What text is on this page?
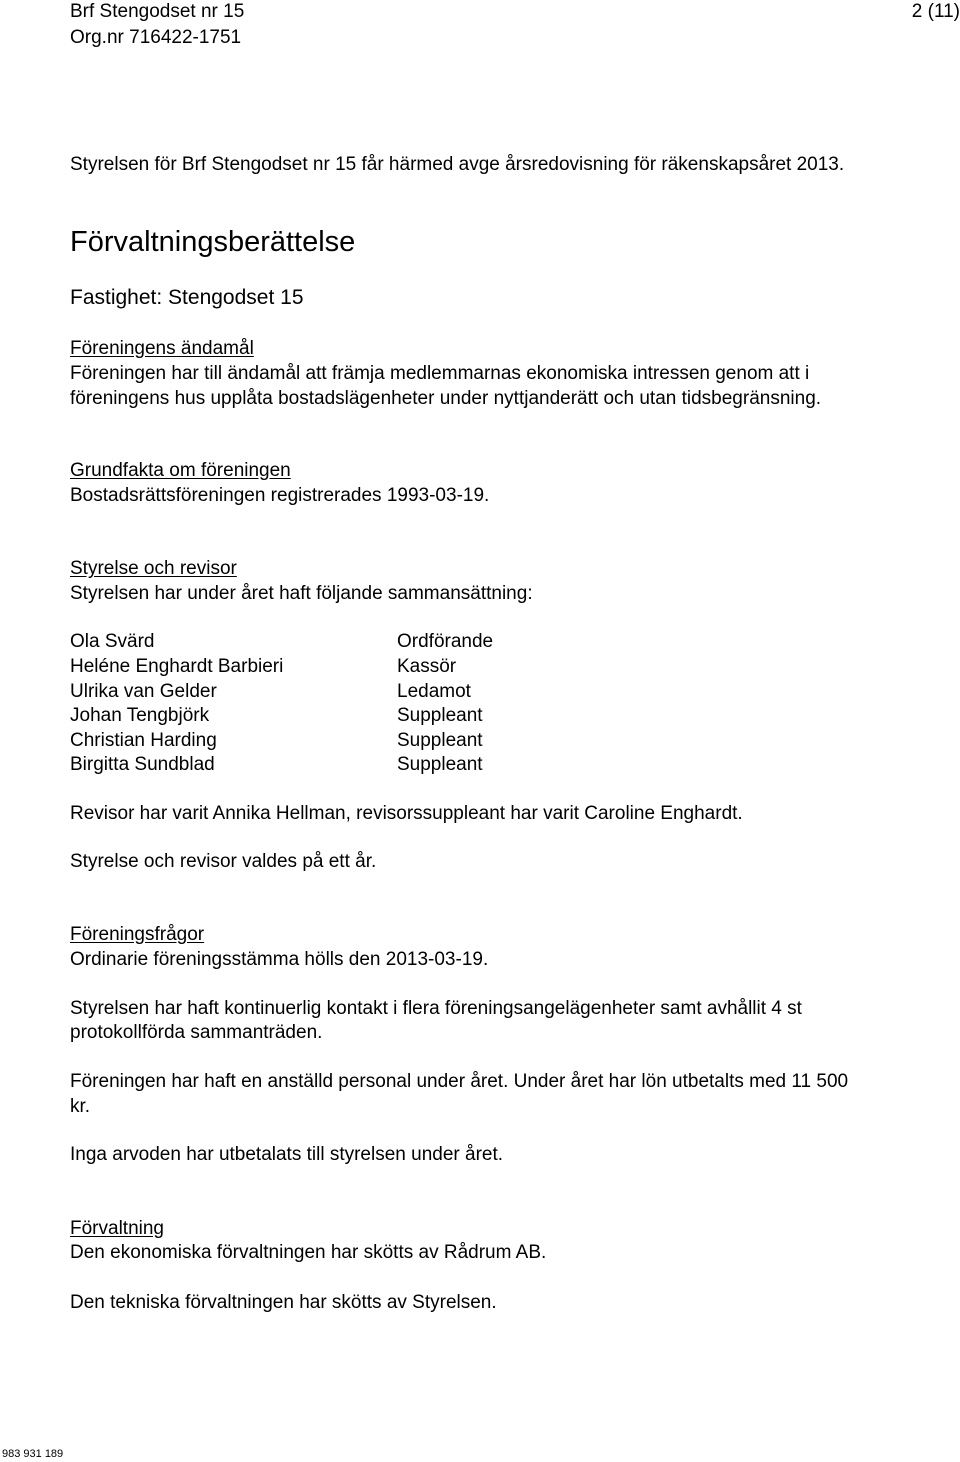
Brf Stengodset nr 15
Org.nr 716422-1751
2 (11)
Styrelsen för Brf Stengodset nr 15 får härmed avge årsredovisning för räkenskapsåret 2013.
Förvaltningsberättelse
Fastighet: Stengodset 15
Föreningens ändamål
Föreningen har till ändamål att främja medlemmarnas ekonomiska intressen genom att i
föreningens hus upplåta bostadslägenheter under nyttjanderätt och utan tidsbegränsning.
Grundfakta om föreningen
Bostadsrättsföreningen registrerades 1993-03-19.
Styrelse och revisor
Styrelsen har under året haft följande sammansättning:
Ola Svärd	Ordförande
Heléne Enghardt Barbieri	Kassör
Ulrika van Gelder	Ledamot
Johan Tengbjörk	Suppleant
Christian Harding	Suppleant
Birgitta Sundblad	Suppleant
Revisor har varit Annika Hellman, revisorssuppleant har varit Caroline Enghardt.
Styrelse och revisor valdes på ett år.
Föreningsfrågor
Ordinarie föreningsstämma hölls den 2013-03-19.
Styrelsen har haft kontinuerlig kontakt i flera föreningsangelägenheter samt avhållit 4 st
protokollförda sammanträden.
Föreningen har haft en anställd personal under året. Under året har lön utbetalts med 11 500
kr.
Inga arvoden har utbetalats till styrelsen under året.
Förvaltning
Den ekonomiska förvaltningen har skötts av Rådrum AB.
Den tekniska förvaltningen har skötts av Styrelsen.
983 931 189
